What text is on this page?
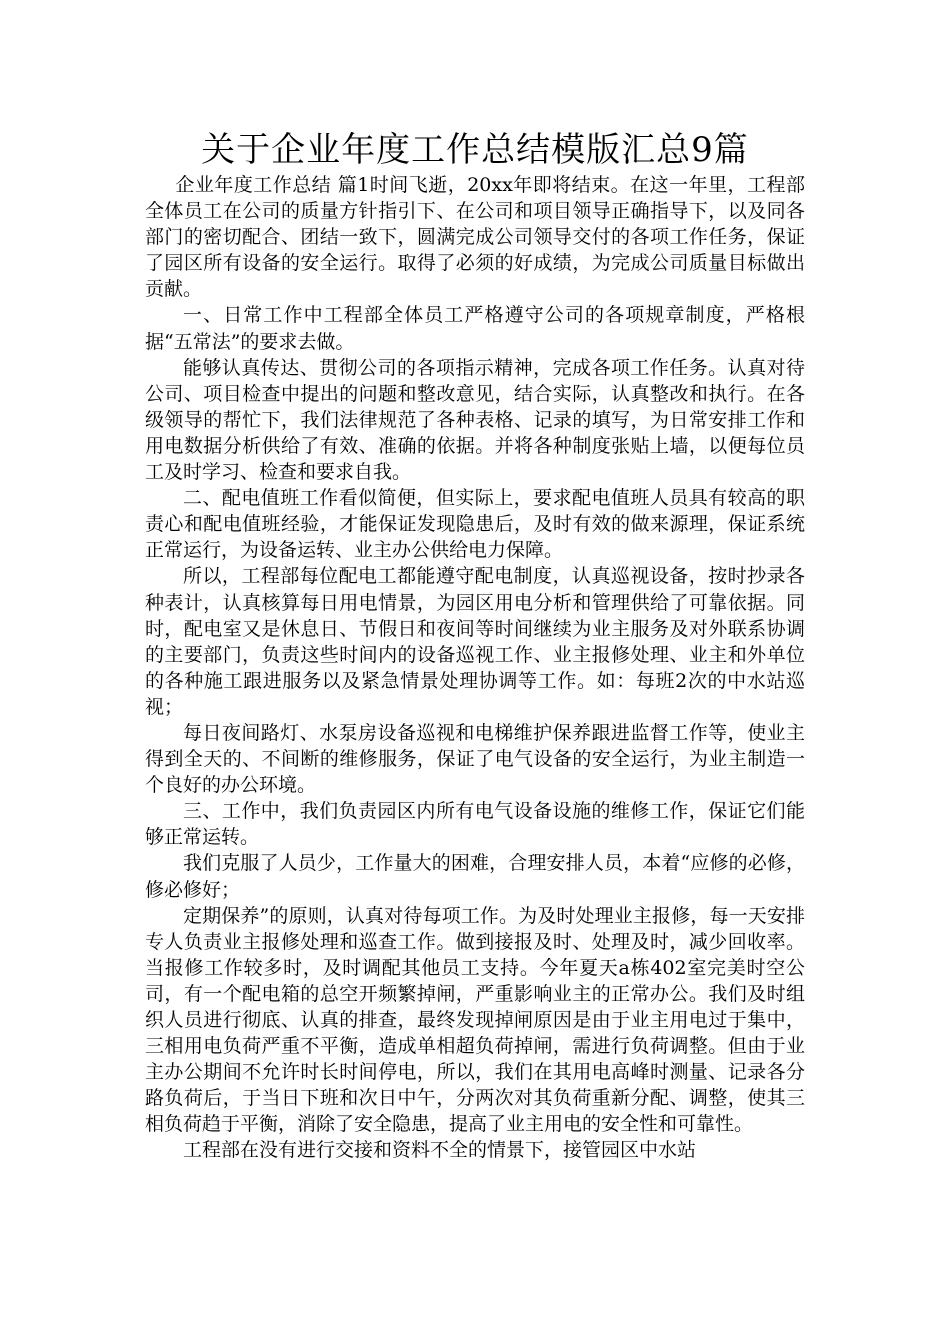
关于企业年度工作总结模版汇总9篇

企业年度工作总结 篇1时间飞逝，20xx年即将结束。在这一年里，工程部全体员工在公司的质量方针指引下、在公司和项目领导正确指导下，以及同各部门的密切配合、团结一致下，圆满完成公司领导交付的各项工作任务，保证了园区所有设备的安全运行。取得了必须的好成绩，为完成公司质量目标做出贡献。

一、日常工作中工程部全体员工严格遵守公司的各项规章制度，严格根据“五常法”的要求去做。

能够认真传达、贯彻公司的各项指示精神，完成各项工作任务。认真对待公司、项目检查中提出的问题和整改意见，结合实际，认真整改和执行。在各级领导的帮忙下，我们法律规范了各种表格、记录的填写，为日常安排工作和用电数据分析供给了有效、准确的依据。并将各种制度张贴上墙，以便每位员工及时学习、检查和要求自我。

二、配电值班工作看似简便，但实际上，要求配电值班人员具有较高的职责心和配电值班经验，才能保证发现隐患后，及时有效的做来源理，保证系统正常运行，为设备运转、业主办公供给电力保障。

所以，工程部每位配电工都能遵守配电制度，认真巡视设备，按时抄录各种表计，认真核算每日用电情景，为园区用电分析和管理供给了可靠依据。同时，配电室又是休息日、节假日和夜间等时间继续为业主服务及对外联系协调的主要部门，负责这些时间内的设备巡视工作、业主报修处理、业主和外单位的各种施工跟进服务以及紧急情景处理协调等工作。如：每班2次的中水站巡视；

每日夜间路灯、水泵房设备巡视和电梯维护保养跟进监督工作等，使业主得到全天的、不间断的维修服务，保证了电气设备的安全运行，为业主制造一个良好的办公环境。

三、工作中，我们负责园区内所有电气设备设施的维修工作，保证它们能够正常运转。

我们克服了人员少，工作量大的困难，合理安排人员，本着“应修的必修，修必修好；

定期保养”的原则，认真对待每项工作。为及时处理业主报修，每一天安排专人负责业主报修处理和巡查工作。做到接报及时、处理及时，减少回收率。当报修工作较多时，及时调配其他员工支持。今年夏天a栋402室完美时空公司，有一个配电箱的总空开频繁掉闸，严重影响业主的正常办公。我们及时组织人员进行彻底、认真的排查，最终发现掉闸原因是由于业主用电过于集中，三相用电负荷严重不平衡，造成单相超负荷掉闸，需进行负荷调整。但由于业主办公期间不允许时长时间停电，所以，我们在其用电高峰时测量、记录各分路负荷后，于当日下班和次日中午，分两次对其负荷重新分配、调整，使其三相负荷趋于平衡，消除了安全隐患，提高了业主用电的安全性和可靠性。

工程部在没有进行交接和资料不全的情景下，接管园区中水站
